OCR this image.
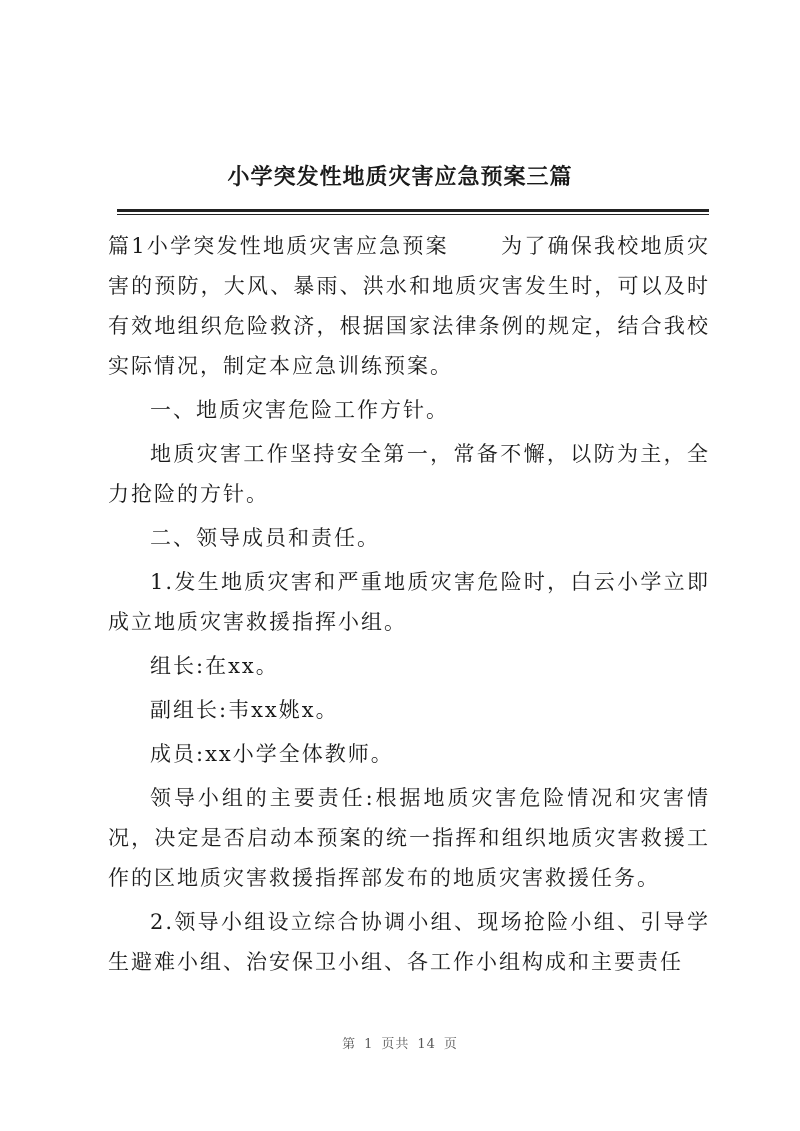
小学突发性地质灾害应急预案三篇

篇1小学突发性地质灾害应急预案 为了确保我校地质灾害的预防，大风、暴雨、洪水和地质灾害发生时，可以及时有效地组织危险救济，根据国家法律条例的规定，结合我校实际情况，制定本应急训练预案。

一、地质灾害危险工作方针。

地质灾害工作坚持安全第一，常备不懈，以防为主，全力抢险的方针。

二、领导成员和责任。

1.发生地质灾害和严重地质灾害危险时，白云小学立即成立地质灾害救援指挥小组。

组长:在xx。

副组长:韦xx姚x。

成员:xx小学全体教师。

领导小组的主要责任:根据地质灾害危险情况和灾害情况，决定是否启动本预案的统一指挥和组织地质灾害救援工作的区地质灾害救援指挥部发布的地质灾害救援任务。

2.领导小组设立综合协调小组、现场抢险小组、引导学生避难小组、治安保卫小组、各工作小组构成和主要责任

第 1 页共 14 页
